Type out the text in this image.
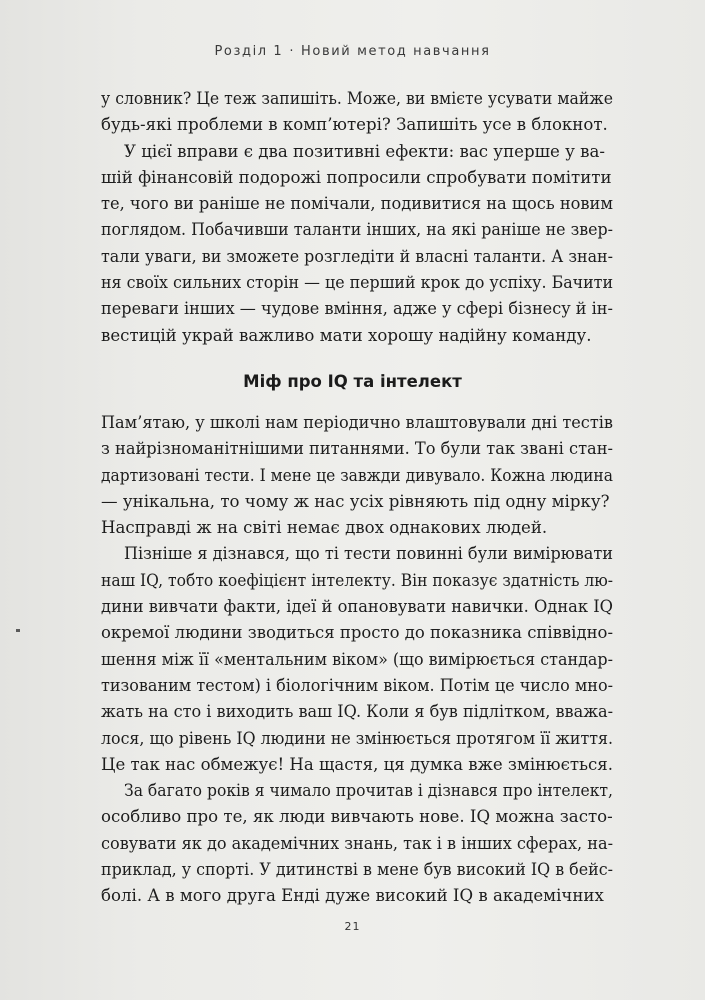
Розділ 1 · Новий метод навчання
у словник? Це теж запишіть. Може, ви вмієте усувати майже
будь-які проблеми в комп’ютері? Запишіть усе в блокнот.
У цієї вправи є два позитивні ефекти: вас уперше у ва-
шій фінансовій подорожі попросили спробувати помітити
те, чого ви раніше не помічали, подивитися на щось новим
поглядом. Побачивши таланти інших, на які раніше не звер-
тали уваги, ви зможете розгледіти й власні таланти. А знан-
ня своїх сильних сторін — це перший крок до успіху. Бачити
переваги інших — чудове вміння, адже у сфері бізнесу й ін-
вестицій украй важливо мати хорошу надійну команду.
Міф про IQ та інтелект
Пам’ятаю, у школі нам періодично влаштовували дні тестів
з найрізноманітнішими питаннями. То були так звані стан-
дартизовані тести. І мене це завжди дивувало. Кожна людина
— унікальна, то чому ж нас усіх рівняють під одну мірку?
Насправді ж на світі немає двох однакових людей.
Пізніше я дізнався, що ті тести повинні були вимірювати
наш IQ, тобто коефіцієнт інтелекту. Він показує здатність лю-
дини вивчати факти, ідеї й опановувати навички. Однак IQ
окремої людини зводиться просто до показника співвідно-
шення між її «ментальним віком» (що вимірюється стандар-
тизованим тестом) і біологічним віком. Потім це число мно-
жать на сто і виходить ваш IQ. Коли я був підлітком, вважа-
лося, що рівень IQ людини не змінюється протягом її життя.
Це так нас обмежує! На щастя, ця думка вже змінюється.
За багато років я чимало прочитав і дізнався про інтелект,
особливо про те, як люди вивчають нове. IQ можна засто-
совувати як до академічних знань, так і в інших сферах, на-
приклад, у спорті. У дитинстві в мене був високий IQ в бейс-
болі. А в мого друга Енді дуже високий IQ в академічних
21
